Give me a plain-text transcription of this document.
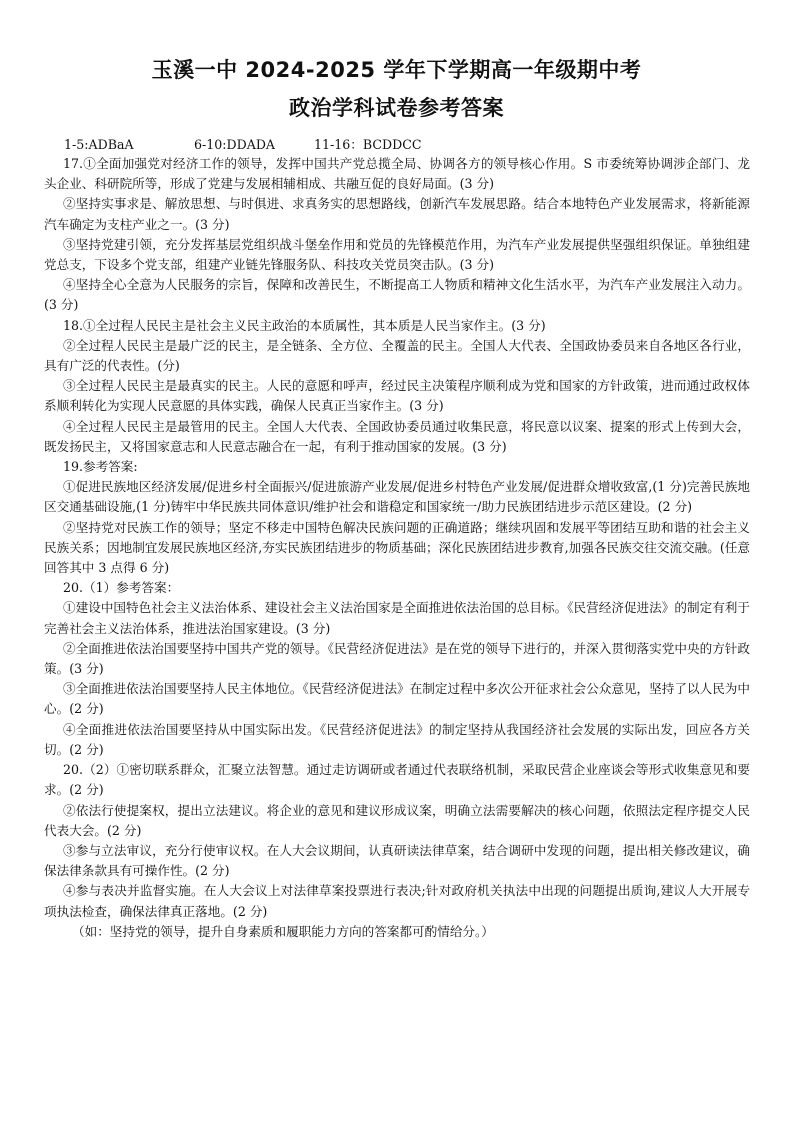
玉溪一中 2024-2025 学年下学期高一年级期中考
政治学科试卷参考答案

1-5:ADBaA

	6-10:DDADA

	11-16：BCDDCC

17.①全面加强党对经济工作的领导，发挥中国共产党总揽全局、协调各方的领导核心作用。S 市委统筹协调涉企部门、龙头企业、科研院所等，形成了党建与发展相辅相成、共融互促的良好局面。(3 分)

②坚持实事求是、解放思想、与时俱进、求真务实的思想路线，创新汽车发展思路。结合本地特色产业发展需求，将新能源汽车确定为支柱产业之一。(3 分)

③坚持党建引领，充分发挥基层党组织战斗堡垒作用和党员的先锋模范作用，为汽车产业发展提供坚强组织保证。单独组建党总支，下设多个党支部，组建产业链先锋服务队、科技攻关党员突击队。(3 分)

④坚持全心全意为人民服务的宗旨，保障和改善民生，不断提高工人物质和精神文化生活水平，为汽车产业发展注入动力。(3 分)

18.①全过程人民民主是社会主义民主政治的本质属性，其本质是人民当家作主。(3 分)

②全过程人民民主是最广泛的民主，是全链条、全方位、全覆盖的民主。全国人大代表、全国政协委员来自各地区各行业，具有广泛的代表性。(分)

③全过程人民民主是最真实的民主。人民的意愿和呼声，经过民主决策程序顺利成为党和国家的方针政策，进而通过政权体系顺利转化为实现人民意愿的具体实践，确保人民真正当家作主。(3 分)

④全过程人民民主是最管用的民主。全国人大代表、全国政协委员通过收集民意，将民意以议案、提案的形式上传到大会，既发扬民主，又将国家意志和人民意志融合在一起，有利于推动国家的发展。(3 分)

19.参考答案:

①促进民族地区经济发展/促进乡村全面振兴/促进旅游产业发展/促进乡村特色产业发展/促进群众增收致富,(1 分)完善民族地区交通基础设施,(1 分)铸牢中华民族共同体意识/维护社会和谐稳定和国家统一/助力民族团结进步示范区建设。(2 分)

②坚持党对民族工作的领导；坚定不移走中国特色解决民族问题的正确道路；继续巩固和发展平等团结互助和谐的社会主义民族关系；因地制宜发展民族地区经济,夯实民族团结进步的物质基础；深化民族团结进步教育,加强各民族交往交流交融。(任意回答其中 3 点得 6 分)

20.（1）参考答案：

①建设中国特色社会主义法治体系、建设社会主义法治国家是全面推进依法治国的总目标。《民营经济促进法》的制定有利于完善社会主义法治体系，推进法治国家建设。(3 分)

②全面推进依法治国要坚持中国共产党的领导。《民营经济促进法》是在党的领导下进行的，并深入贯彻落实党中央的方针政策。(3 分)

③全面推进依法治国要坚持人民主体地位。《民营经济促进法》在制定过程中多次公开征求社会公众意见，坚持了以人民为中心。(2 分)

④全面推进依法治国要坚持从中国实际出发。《民营经济促进法》的制定坚持从我国经济社会发展的实际出发，回应各方关切。(2 分)

20.（2）①密切联系群众，汇聚立法智慧。通过走访调研或者通过代表联络机制，采取民营企业座谈会等形式收集意见和要求。(2 分)

②依法行使提案权，提出立法建议。将企业的意见和建议形成议案，明确立法需要解决的核心问题，依照法定程序提交人民代表大会。(2 分)

③参与立法审议，充分行使审议权。在人大会议期间，认真研读法律草案，结合调研中发现的问题，提出相关修改建议，确保法律条款具有可操作性。(2 分)

④参与表决并监督实施。在人大会议上对法律草案投票进行表决;针对政府机关执法中出现的问题提出质询,建议人大开展专项执法检查，确保法律真正落地。(2 分)

（如：坚持党的领导，提升自身素质和履职能力方向的答案都可酌情给分。）
